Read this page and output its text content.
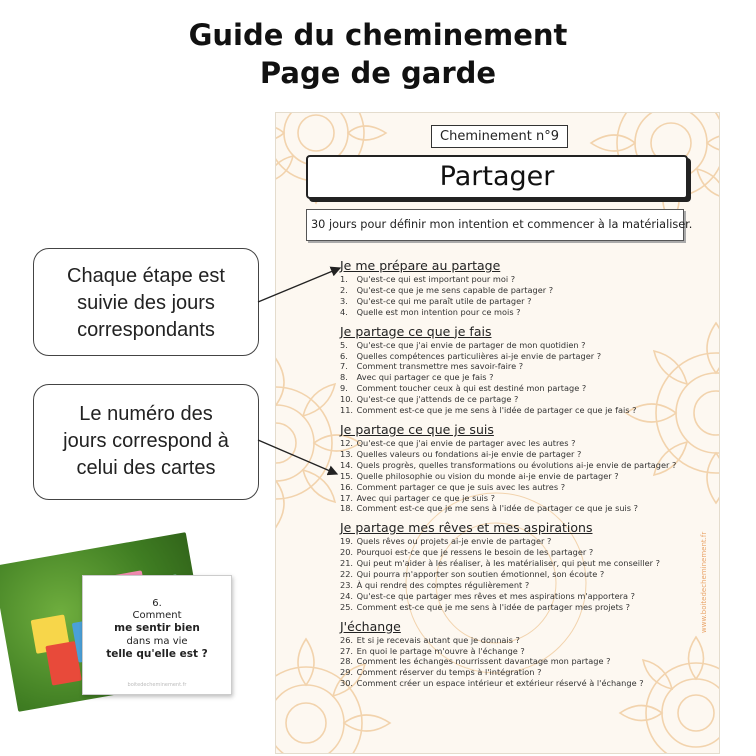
Guide du cheminement
Page de garde
Cheminement n°9
Partager
30 jours pour définir mon intention et commencer à la matérialiser.
Je me prépare au partage
1. Qu'est-ce qui est important pour moi ?
2. Qu'est-ce que je me sens capable de partager ?
3. Qu'est-ce qui me paraît utile de partager ?
4. Quelle est mon intention pour ce mois ?
Je partage ce que je fais
5. Qu'est-ce que j'ai envie de partager de mon quotidien ?
6. Quelles compétences particulières ai-je envie de partager ?
7. Comment transmettre mes savoir-faire ?
8. Avec qui partager ce que je fais ?
9. Comment toucher ceux à qui est destiné mon partage ?
10. Qu'est-ce que j'attends de ce partage ?
11. Comment est-ce que je me sens à l'idée de partager ce que je fais ?
Je partage ce que je suis
12. Qu'est-ce que j'ai envie de partager avec les autres ?
13. Quelles valeurs ou fondations ai-je envie de partager ?
14. Quels progrès, quelles transformations ou évolutions ai-je envie de partager ?
15. Quelle philosophie ou vision du monde ai-je envie de partager ?
16. Comment partager ce que je suis avec les autres ?
17. Avec qui partager ce que je suis ?
18. Comment est-ce que je me sens à l'idée de partager ce que je suis ?
Je partage mes rêves et mes aspirations
19. Quels rêves ou projets ai-je envie de partager ?
20. Pourquoi est-ce que je ressens le besoin de les partager ?
21. Qui peut m'aider à les réaliser, à les matérialiser, qui peut me conseiller ?
22. Qui pourra m'apporter son soutien émotionnel, son écoute ?
23. À qui rendre des comptes régulièrement ?
24. Qu'est-ce que partager mes rêves et mes aspirations m'apportera ?
25. Comment est-ce que je me sens à l'idée de partager mes projets ?
J'échange
26. Et si je recevais autant que je donnais ?
27. En quoi le partage m'ouvre à l'échange ?
28. Comment les échanges nourrissent davantage mon partage ?
29. Comment réserver du temps à l'intégration ?
30. Comment créer un espace intérieur et extérieur réservé à l'échange ?
www.boitedecheminement.fr
Chaque étape est
suivie des jours
correspondants
Le numéro des
jours correspond à
celui des cartes
6.
Comment
me sentir bien
dans ma vie
telle qu'elle est ?
boitedecheminement.fr
